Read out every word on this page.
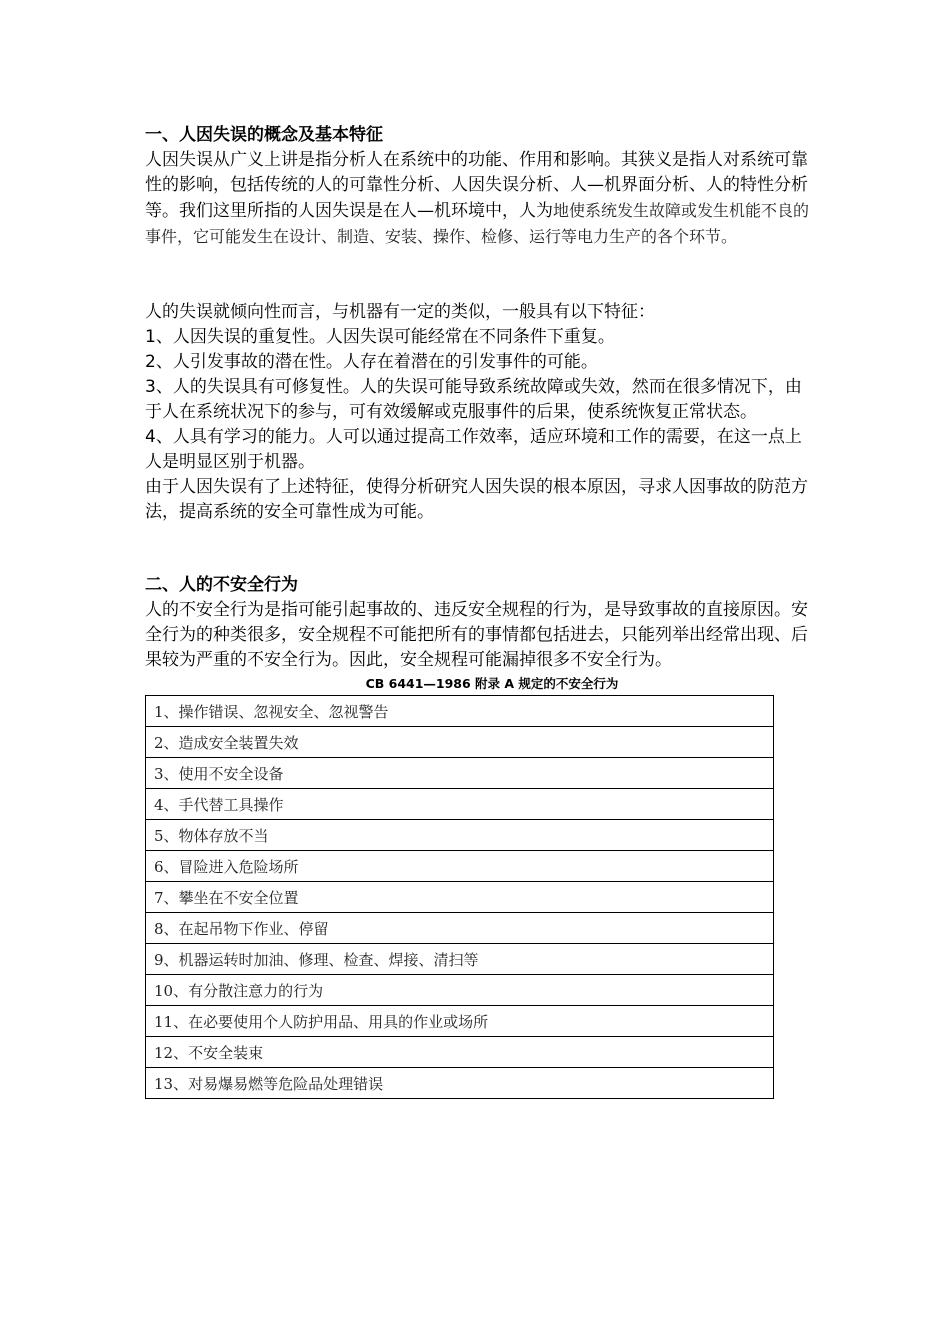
一、人因失误的概念及基本特征

人因失误从广义上讲是指分析人在系统中的功能、作用和影响。其狭义是指人对系统可靠性的影响，包括传统的人的可靠性分析、人因失误分析、人—机界面分析、人的特性分析等。我们这里所指的人因失误是在人—机环境中，人为地使系统发生故障或发生机能不良的事件，它可能发生在设计、制造、安装、操作、检修、运行等电力生产的各个环节。

人的失误就倾向性而言，与机器有一定的类似，一般具有以下特征：

1、人因失误的重复性。人因失误可能经常在不同条件下重复。

2、人引发事故的潜在性。人存在着潜在的引发事件的可能。

3、人的失误具有可修复性。人的失误可能导致系统故障或失效，然而在很多情况下，由于人在系统状况下的参与，可有效缓解或克服事件的后果，使系统恢复正常状态。

4、人具有学习的能力。人可以通过提高工作效率，适应环境和工作的需要，在这一点上人是明显区别于机器。

由于人因失误有了上述特征，使得分析研究人因失误的根本原因，寻求人因事故的防范方法，提高系统的安全可靠性成为可能。

二、人的不安全行为

人的不安全行为是指可能引起事故的、违反安全规程的行为，是导致事故的直接原因。安全行为的种类很多，安全规程不可能把所有的事情都包括进去，只能列举出经常出现、后果较为严重的不安全行为。因此，安全规程可能漏掉很多不安全行为。

CB 6441—1986 附录 A 规定的不安全行为
1、操作错误、忽视安全、忽视警告
2、造成安全装置失效
3、使用不安全设备
4、手代替工具操作
5、物体存放不当
6、冒险进入危险场所
7、攀坐在不安全位置
8、在起吊物下作业、停留
9、机器运转时加油、修理、检查、焊接、清扫等
10、有分散注意力的行为
11、在必要使用个人防护用品、用具的作业或场所
12、不安全装束
13、对易爆易燃等危险品处理错误
